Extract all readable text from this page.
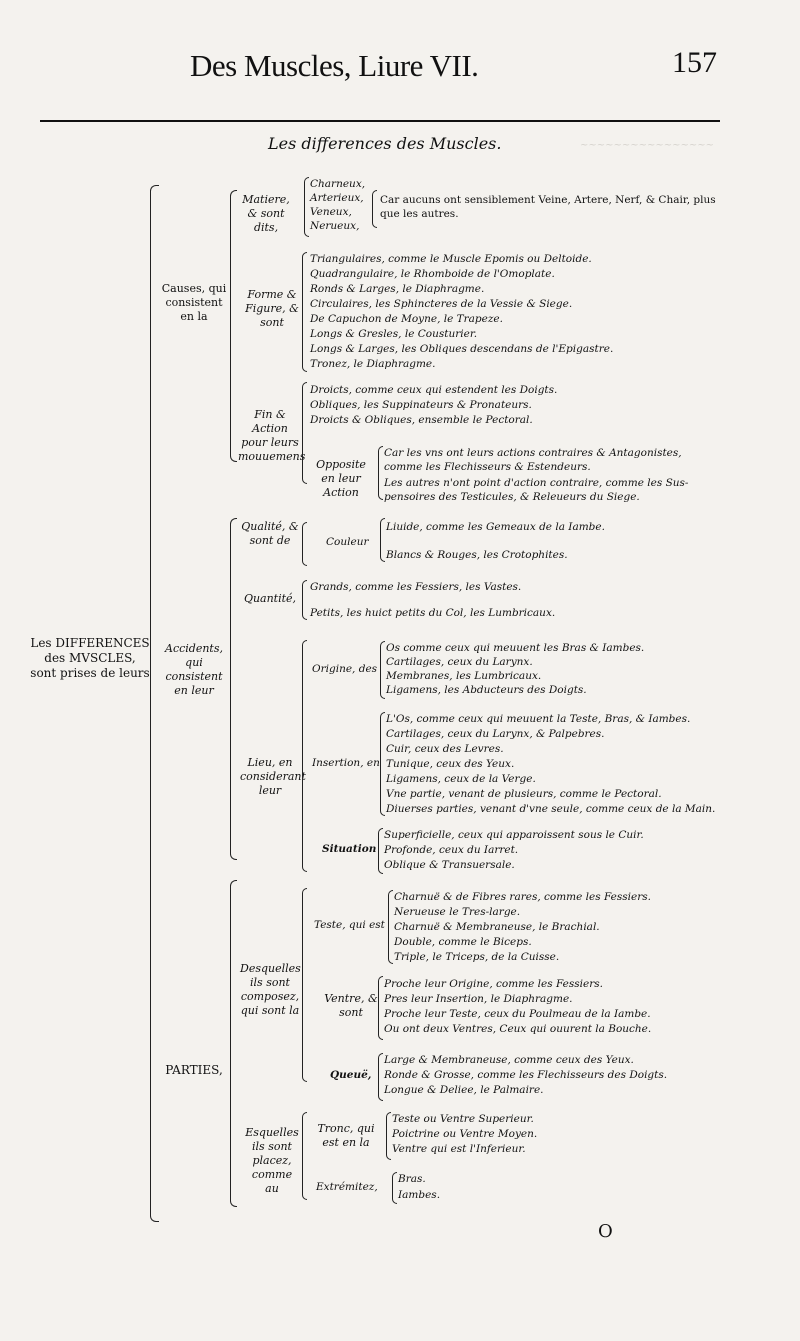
~~~~~~~~~~~~~~~~
Des Muscles, Liure VII.	157
Les differences des Muscles.
Les DIFFERENCES des MVSCLES, sont prises de leurs
Causes, qui consistent en la
Matiere, & sont dits,
Charneux,
Arterieux,
Veneux,
Nerueux,
Car aucuns ont sensiblement Veine, Artere, Nerf, & Chair, plus
que les autres.
Forme & Figure, & sont
Triangulaires, comme le Muscle Epomis ou Deltoide.
Quadrangulaire, le Rhomboide de l'Omoplate.
Ronds & Larges, le Diaphragme.
Circulaires, les Sphincteres de la Vessie & Siege.
De Capuchon de Moyne, le Trapeze.
Longs & Gresles, le Cousturier.
Longs & Larges, les Obliques descendans de l'Epigastre.
Tronez, le Diaphragme.
Fin & Action pour leurs mouuemens
Droicts, comme ceux qui estendent les Doigts.
Obliques, les Suppinateurs & Pronateurs.
Droicts & Obliques, ensemble le Pectoral.
Opposite en leur Action
Car les vns ont leurs actions contraires & Antagonistes,
comme les Flechisseurs & Estendeurs.
Les autres n'ont point d'action contraire, comme les Sus-
pensoires des Testicules, & Releueurs du Siege.
Accidents, qui consistent en leur
Qualité, & sont de	Couleur
Liuide, comme les Gemeaux de la Iambe.
Blancs & Rouges, les Crotophites.
Quantité,
Grands, comme les Fessiers, les Vastes.
Petits, les huict petits du Col, les Lumbricaux.
Lieu, en considerant leur
Origine, des
Os comme ceux qui meuuent les Bras & Iambes.
Cartilages, ceux du Larynx.
Membranes, les Lumbricaux.
Ligamens, les Abducteurs des Doigts.
Insertion, en
L'Os, comme ceux qui meuuent la Teste, Bras, & Iambes.
Cartilages, ceux du Larynx, & Palpebres.
Cuir, ceux des Levres.
Tunique, ceux des Yeux.
Ligamens, ceux de la Verge.
Vne partie, venant de plusieurs, comme le Pectoral.
Diuerses parties, venant d'vne seule, comme ceux de la Main.
Situation
Superficielle, ceux qui apparoissent sous le Cuir.
Profonde, ceux du Iarret.
Oblique & Transuersale.
PARTIES,
Desquelles ils sont composez, qui sont la
Teste, qui est
Charnuë & de Fibres rares, comme les Fessiers.
Nerueuse le Tres-large.
Charnuë & Membraneuse, le Brachial.
Double, comme le Biceps.
Triple, le Triceps, de la Cuisse.
Ventre, & sont
Proche leur Origine, comme les Fessiers.
Pres leur Insertion, le Diaphragme.
Proche leur Teste, ceux du Poulmeau de la Iambe.
Ou ont deux Ventres, Ceux qui ouurent la Bouche.
Queuë,
Large & Membraneuse, comme ceux des Yeux.
Ronde & Grosse, comme les Flechisseurs des Doigts.
Longue & Deliee, le Palmaire.
Esquelles ils sont placez, comme au
Tronc, qui est en la
Teste ou Ventre Superieur.
Poictrine ou Ventre Moyen.
Ventre qui est l'Inferieur.
Extrémitez,
Bras.
Iambes.
O
